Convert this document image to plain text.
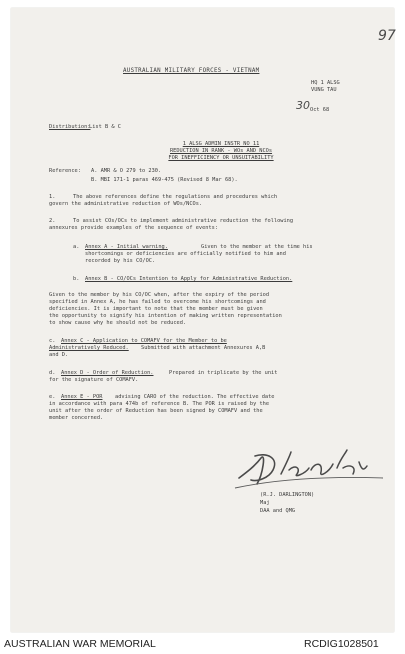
97
AUSTRALIAN MILITARY FORCES - VIETNAM
HQ 1 ALSG
VUNG TAU
30 Oct 68
Distribution:
List B & C
1 ALSG ADMIN INSTR NO 11
REDUCTION IN RANK - WOs AND NCOs
FOR INEFFICIENCY OR UNSUITABILITY
Reference: A. AMR & O 279 to 230.
B. MBI 171-1 paras 469-475 (Revised 8 Mar 68).
1.	The above references define the regulations and procedures which
govern the administrative reduction of WOs/NCOs.
2.	To assist COs/OCs to implement administrative reduction the following
annexures provide examples of the sequence of events:
a. Annex A - Initial warning.	Given to the member at the time his
shortcomings or deficiencies are officially notified to him and
recorded by his CO/OC.
b. Annex B - CO/OCs Intention to Apply for Administrative Reduction.
Given to the member by his CO/OC when, after the expiry of the period
specified in Annex A, he has failed to overcome his shortcomings and
deficiencies. It is important to note that the member must be given
the opportunity to signify his intention of making written representation
to show cause why he should not be reduced.
c. Annex C - Application to COMAFV for the Member to be
Administratively Reduced. Submitted with attachment Annexures A,B
and D.
d. Annex D - Order of Reduction.	Prepared in triplicate by the unit
for the signature of COMAFV.
e. Annex E - POR advising CARO of the reduction. The effective date
in accordance with para 474b of reference B. The POR is raised by the
unit after the order of Reduction has been signed by COMAFV and the
member concerned.
(R.J. DARLINGTON)
Maj
DAA and QMG
AUSTRALIAN WAR MEMORIAL	RCDIG1028501
